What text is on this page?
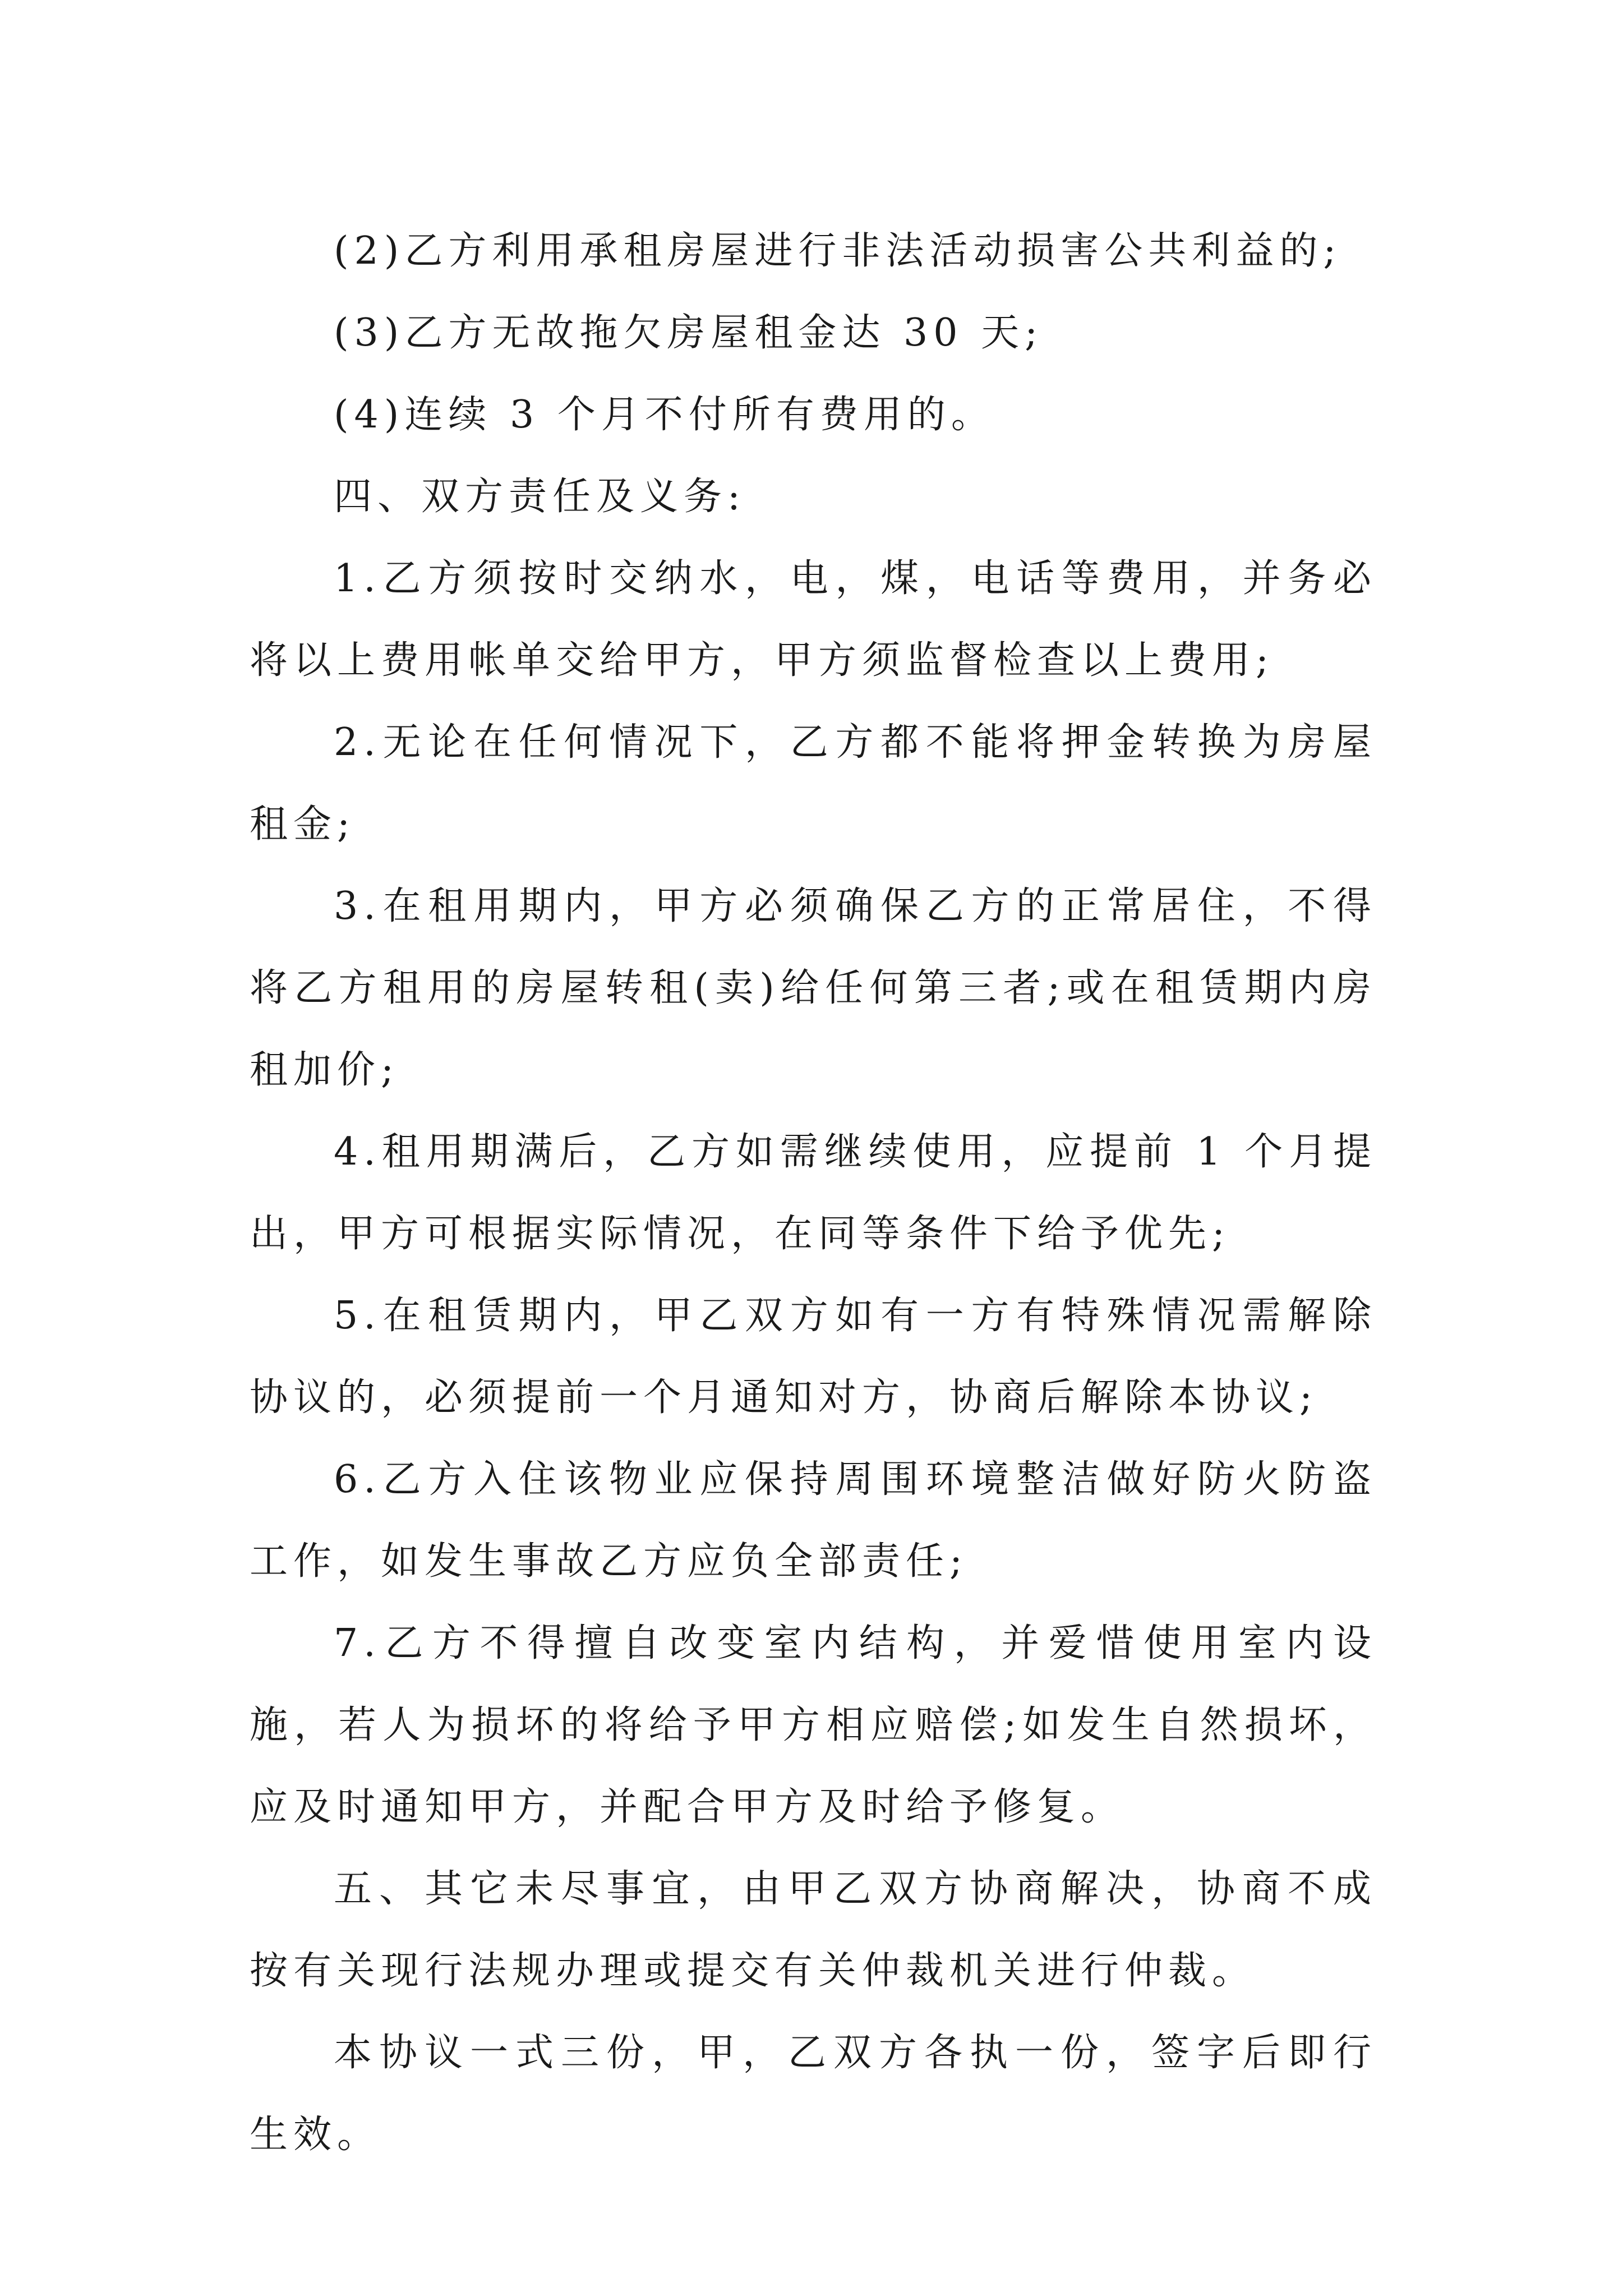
(2)乙方利用承租房屋进行非法活动损害公共利益的;

(3)乙方无故拖欠房屋租金达 30 天;

(4)连续 3 个月不付所有费用的。

四、双方责任及义务:

1.乙方须按时交纳水，电，煤，电话等费用，并务必将以上费用帐单交给甲方，甲方须监督检查以上费用;

2.无论在任何情况下，乙方都不能将押金转换为房屋租金;

3.在租用期内，甲方必须确保乙方的正常居住，不得将乙方租用的房屋转租(卖)给任何第三者;或在租赁期内房租加价;

4.租用期满后，乙方如需继续使用，应提前 1 个月提出，甲方可根据实际情况，在同等条件下给予优先;

5.在租赁期内，甲乙双方如有一方有特殊情况需解除协议的，必须提前一个月通知对方，协商后解除本协议;

6.乙方入住该物业应保持周围环境整洁做好防火防盗工作，如发生事故乙方应负全部责任;

7.乙方不得擅自改变室内结构，并爱惜使用室内设施，若人为损坏的将给予甲方相应赔偿;如发生自然损坏，应及时通知甲方，并配合甲方及时给予修复。

五、其它未尽事宜，由甲乙双方协商解决，协商不成按有关现行法规办理或提交有关仲裁机关进行仲裁。

本协议一式三份，甲，乙双方各执一份，签字后即行生效。
